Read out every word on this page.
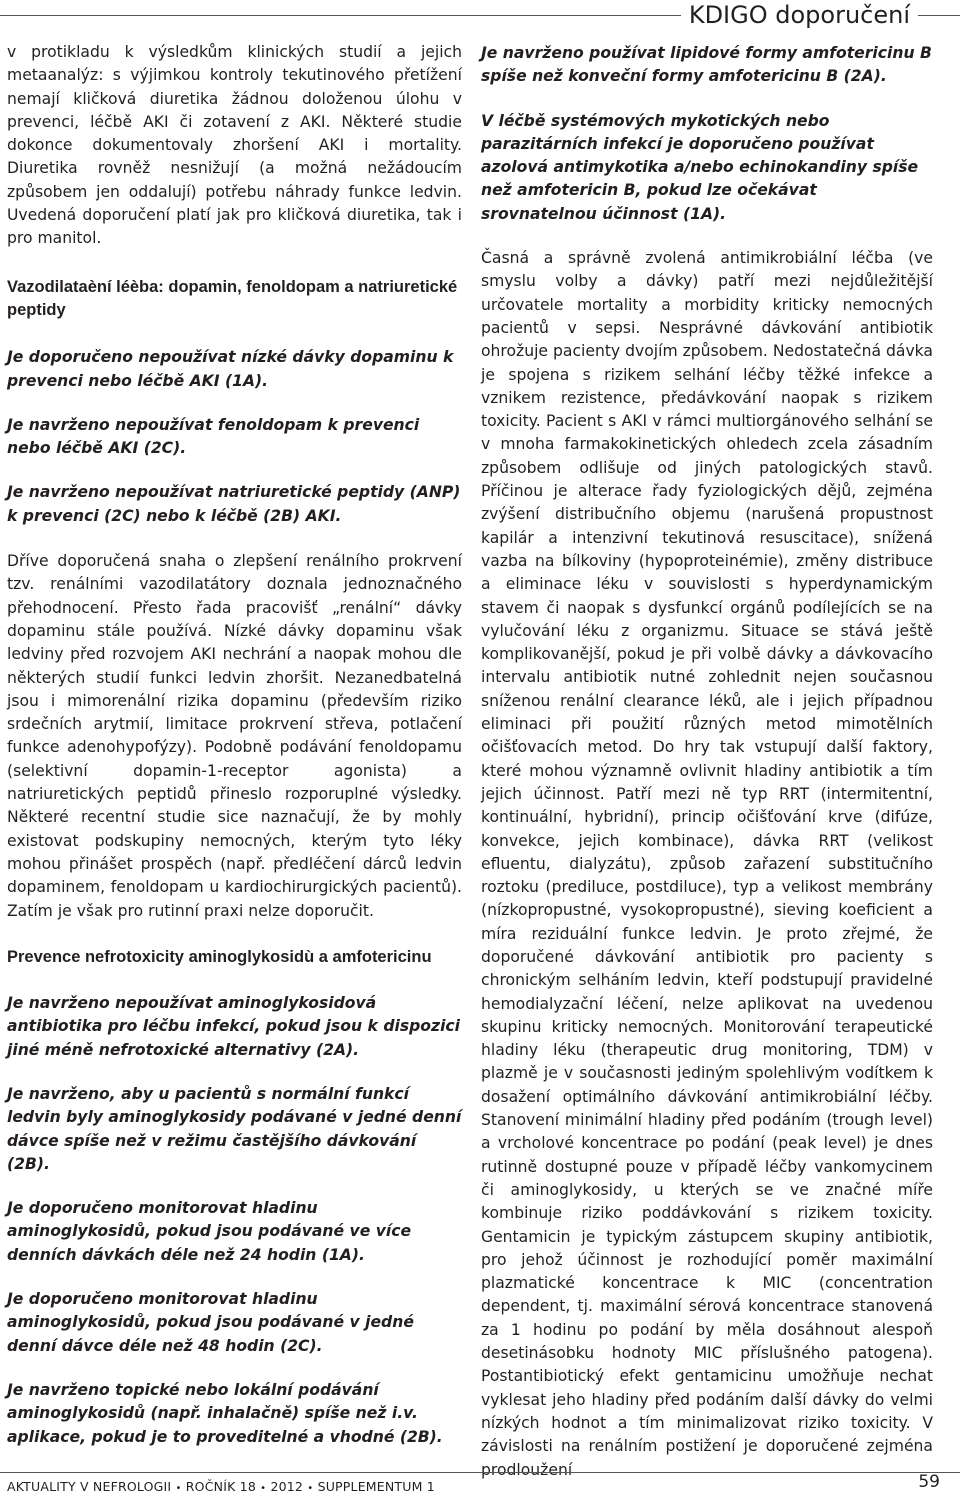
KDIGO doporučení

v protikladu k výsledkům klinických studií a jejich metaanalýz: s výjimkou kontroly tekutinového přetížení nemají kličková diuretika žádnou doloženou úlohu v prevenci, léčbě AKI či zotavení z AKI. Některé studie dokonce dokumentovaly zhoršení AKI i mortality. Diuretika rovněž nesnižují (a možná nežádoucím způsobem jen oddalují) potřebu náhrady funkce ledvin. Uvedená doporučení platí jak pro kličková diuretika, tak i pro manitol.

Vazodilataèní léèba: dopamin, fenoldopam a natriuretické peptidy

Je doporučeno nepoužívat nízké dávky dopaminu k prevenci nebo léčbě AKI (1A).

Je navrženo nepoužívat fenoldopam k prevenci nebo léčbě AKI (2C).

Je navrženo nepoužívat natriuretické peptidy (ANP) k prevenci (2C) nebo k léčbě (2B) AKI.

Dříve doporučená snaha o zlepšení renálního prokrvení tzv. renálními vazodilatátory doznala jednoznačného přehodnocení. Přesto řada pracovišť „renální“ dávky dopaminu stále používá. Nízké dávky dopaminu však ledviny před rozvojem AKI nechrání a naopak mohou dle některých studií funkci ledvin zhoršit. Nezanedbatelná jsou i mimorenální rizika dopaminu (především riziko srdečních arytmií, limitace prokrvení střeva, potlačení funkce adenohypofýzy). Podobně podávání fenoldopamu (selektivní dopamin-1-receptor agonista) a natriuretických peptidů přineslo rozporuplné výsledky. Některé recentní studie sice naznačují, že by mohly existovat podskupiny nemocných, kterým tyto léky mohou přinášet prospěch (např. předléčení dárců ledvin dopaminem, fenoldopam u kardiochirurgických pacientů). Zatím je však pro rutinní praxi nelze doporučit.

Prevence nefrotoxicity aminoglykosidù a amfotericinu

Je navrženo nepoužívat aminoglykosidová antibiotika pro léčbu infekcí, pokud jsou k dispozici jiné méně nefrotoxické alternativy (2A).

Je navrženo, aby u pacientů s normální funkcí ledvin byly aminoglykosidy podávané v jedné denní dávce spíše než v režimu častějšího dávkování (2B).

Je doporučeno monitorovat hladinu aminoglykosidů, pokud jsou podávané ve více denních dávkách déle než 24 hodin (1A).

Je doporučeno monitorovat hladinu aminoglykosidů, pokud jsou podávané v jedné denní dávce déle než 48 hodin (2C).

Je navrženo topické nebo lokální podávání aminoglykosidů (např. inhalačně) spíše než i.v. aplikace, pokud je to proveditelné a vhodné (2B).

Je navrženo používat lipidové formy amfotericinu B spíše než konveční formy amfotericinu B (2A).

V léčbě systémových mykotických nebo parazitárních infekcí je doporučeno používat azolová antimykotika a/nebo echinokandiny spíše než amfotericin B, pokud lze očekávat srovnatelnou účinnost (1A).

Časná a správně zvolená antimikrobiální léčba (ve smyslu volby a dávky) patří mezi nejdůležitější určovatele mortality a morbidity kriticky nemocných pacientů v sepsi. Nesprávné dávkování antibiotik ohrožuje pacienty dvojím způsobem. Nedostatečná dávka je spojena s rizikem selhání léčby těžké infekce a vznikem rezistence, předávkování naopak s rizikem toxicity. Pacient s AKI v rámci multiorgánového selhání se v mnoha farmakokinetických ohledech zcela zásadním způsobem odlišuje od jiných patologických stavů. Příčinou je alterace řady fyziologických dějů, zejména zvýšení distribučního objemu (narušená propustnost kapilár a intenzivní tekutinová resuscitace), snížená vazba na bílkoviny (hypoproteinémie), změny distribuce a eliminace léku v souvislosti s hyperdynamickým stavem či naopak s dysfunkcí orgánů podílejících se na vylučování léku z organizmu. Situace se stává ještě komplikovanější, pokud je při volbě dávky a dávkovacího intervalu antibiotik nutné zohlednit nejen současnou sníženou renální clearance léků, ale i jejich případnou eliminaci při použití různých metod mimotělních očišťovacích metod. Do hry tak vstupují další faktory, které mohou významně ovlivnit hladiny antibiotik a tím jejich účinnost. Patří mezi ně typ RRT (intermitentní, kontinuální, hybridní), princip očišťování krve (difúze, konvekce, jejich kombinace), dávka RRT (velikost efluentu, dialyzátu), způsob zařazení substitučního roztoku (prediluce, postdiluce), typ a velikost membrány (nízkopropustné, vysokopropustné), sieving koeficient a míra reziduální funkce ledvin. Je proto zřejmé, že doporučené dávkování antibiotik pro pacienty s chronickým selháním ledvin, kteří podstupují pravidelné hemodialyzační léčení, nelze aplikovat na uvedenou skupinu kriticky nemocných. Monitorování terapeutické hladiny léku (therapeutic drug monitoring, TDM) v plazmě je v současnosti jediným spolehlivým vodítkem k dosažení optimálního dávkování antimikrobiální léčby. Stanovení minimální hladiny před podáním (trough level) a vrcholové koncentrace po podání (peak level) je dnes rutinně dostupné pouze v případě léčby vankomycinem či aminoglykosidy, u kterých se ve značné míře kombinuje riziko poddávkování s rizikem toxicity. Gentamicin je typickým zástupcem skupiny antibiotik, pro jehož účinnost je rozhodující poměr maximální plazmatické koncentrace k MIC (concentration dependent, tj. maximální sérová koncentrace stanovená za 1 hodinu po podání by měla dosáhnout alespoň desetinásobku hodnoty MIC příslušného patogena). Postantibiotický efekt gentamicinu umožňuje nechat vyklesat jeho hladiny před podáním další dávky do velmi nízkých hodnot a tím minimalizovat riziko toxicity. V závislosti na renálním postižení je doporučené zejména prodloužení

AKTUALITY V NEFROLOGII • ROČNÍK 18 • 2012 • SUPPLEMENTUM 1	59
